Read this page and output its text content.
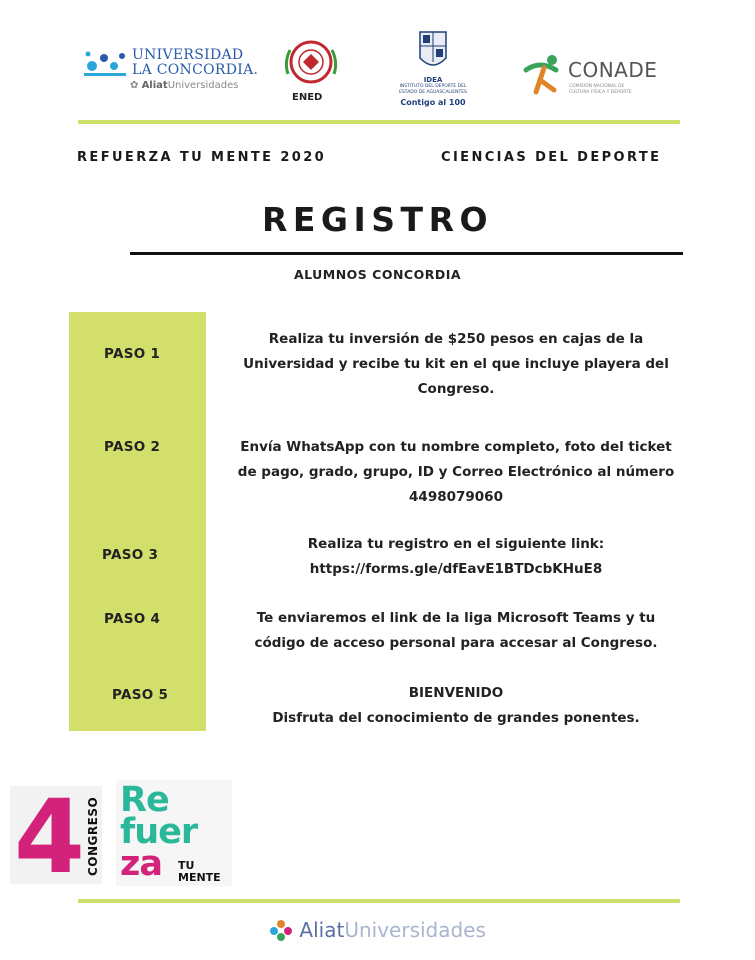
UNIVERSIDAD
LA CONCORDIA.
✿ AliatUniversidades
ENED
IDEA
INSTITUTO DEL DEPORTE DEL
ESTADO DE AGUASCALIENTES
Contigo al 100
CONADE
COMISIÓN NACIONAL DE
CULTURA FÍSICA Y DEPORTE
REFUERZA TU MENTE 2020	CIENCIAS DEL DEPORTE
REGISTRO
ALUMNOS CONCORDIA
PASO 1
PASO 2
PASO 3
PASO 4
PASO 5
Realiza tu inversión de $250 pesos en cajas de la
Universidad y recibe tu kit en el que incluye playera del
Congreso.
Envía WhatsApp con tu nombre completo, foto del ticket
de pago, grado, grupo, ID y Correo Electrónico al número
4498079060
Realiza tu registro en el siguiente link:
https://forms.gle/dfEavE1BTDcbKHuE8
Te enviaremos el link de la liga Microsoft Teams y tu
código de acceso personal para accesar al Congreso.
BIENVENIDO
Disfruta del conocimiento de grandes ponentes.
4 CONGRESO Re
fuer
za TU
MENTE
AliatUniversidades
